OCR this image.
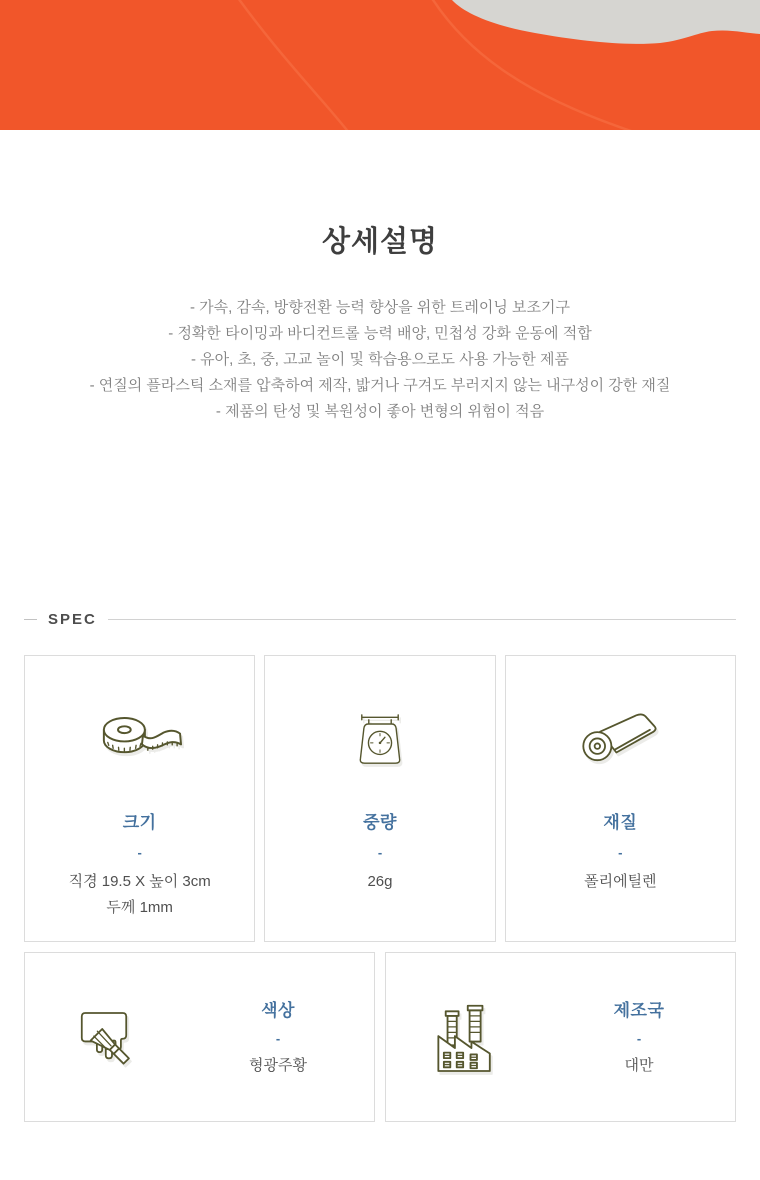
상세설명
- 가속, 감속, 방향전환 능력 향상을 위한 트레이닝 보조기구
- 정확한 타이밍과 바디컨트롤 능력 배양, 민첩성 강화 운동에 적합
- 유아, 초, 중, 고교 놀이 및 학습용으로도 사용 가능한 제품
- 연질의 플라스틱 소재를 압축하여 제작, 밟거나 구겨도 부러지지 않는 내구성이 강한 재질
- 제품의 탄성 및 복원성이 좋아 변형의 위험이 적음
SPEC
크기
-
직경 19.5 X 높이 3cm
두께 1mm
중량
-
26g
재질
-
폴리에틸렌
색상
-
형광주황
제조국
-
대만
